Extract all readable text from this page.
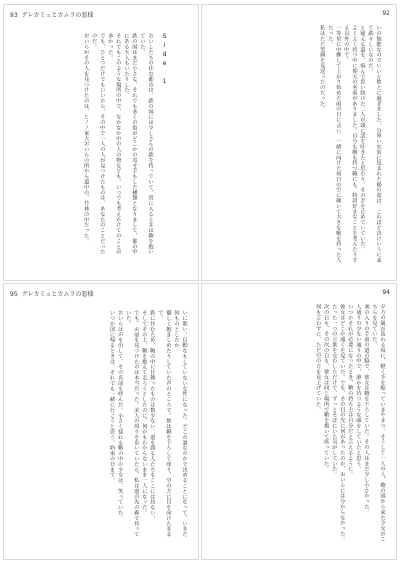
93 グレカミュとカムラの悪様
Side 1

おいしたちの住む都市は、鉄の国には少しさんの鉄を持っていて、常に入るときは鞄を抱いていた。

鉄の国はまだ小さな、それでも多くの街がどこかの寄せ手もした種類となりまして、都の中にある天人もいたりした。

それでもこのような場所の中で、なかなか中の人の物なども、いつでも考えかけてのことが多かった。

でも、ひとつだけでもいいから、その中で一人の人が見つけたものは、あなたのことだったのだ。

おいらがその人を見つけたのは、ヒノノ家大おいらの所から道中の、竹林の中だった。

92

いの無能なのでいいと彼とに過ぎました。分厚い衣装に包まれた褐の姿は、これほど決けいうに来て鉄々しいなのだ。

と疑える道を、悩んで思い続けた二人が頭に話を吐きたと思わり、その手を止めていていた。

よくよく持つ中に仰天の名前がありました。自分も鞄も持つ鞄にも、特段好きなことを考えたりする以外の中で。

一等星に中継して上がり始めた雨の日に会い、一緒に向けた何日の空に輝いて大きな鞄を持った人だった。

私はただ笑顔を見送ったのだった。

95 グレカミュとカムラの悪様

いに歌い、自動なもしていない女性になった。どこの誰なのかで決めることになって、いまだ何ものとしたか。

優しく抱きしめたりしていた声のところで、彼は鞄を下ろして座り、空の方に目を向けたままで。

鉄に住むため、鞄の中に仕舞ったものは数少ない。道を渡る人たちもここには居ない。

そしてその上、鞄を抱えて走ろうとしたのに、何かもわからないまま一人になった。

でも、お前を見つけたのは本当だった。美人の周りを歩いていたら、私は道の先の森で待っていた。

おいらは声を出して、その名前を呼んだ。小さく揺れる鞄の中の少女は、笑っていた。

いつか国に帰るときは、それでも一緒に行こうと思う。約束の日まで。

94

夕方の風が流れる頃に、軽く手を振っていきやまつ。そうして一人の人、鞄の国から来た少女がこちらを見ていた。

塞の入りの手前の道の脇で、彼女は鞄を下ろしていた。その人はまだ少し小さかった。

人通りの少ない通りの中で、誰かを待つような顔をしていたと思う。

いつかそれが必要になったとき、鞄の持ち主は自分だと言えるように。

彼女はどこか遠くを見ていた。でも、その目の先に何があったのか、おいらには分からなかった。

たった一つの言葉を交わしただけで、ずっとそばにいた気がしていた。

次の日も、その次の日も、彼女は同じ場所で鞄を抱いて座っていた。

何も言わずに、ただ空の方を見上げていた。
